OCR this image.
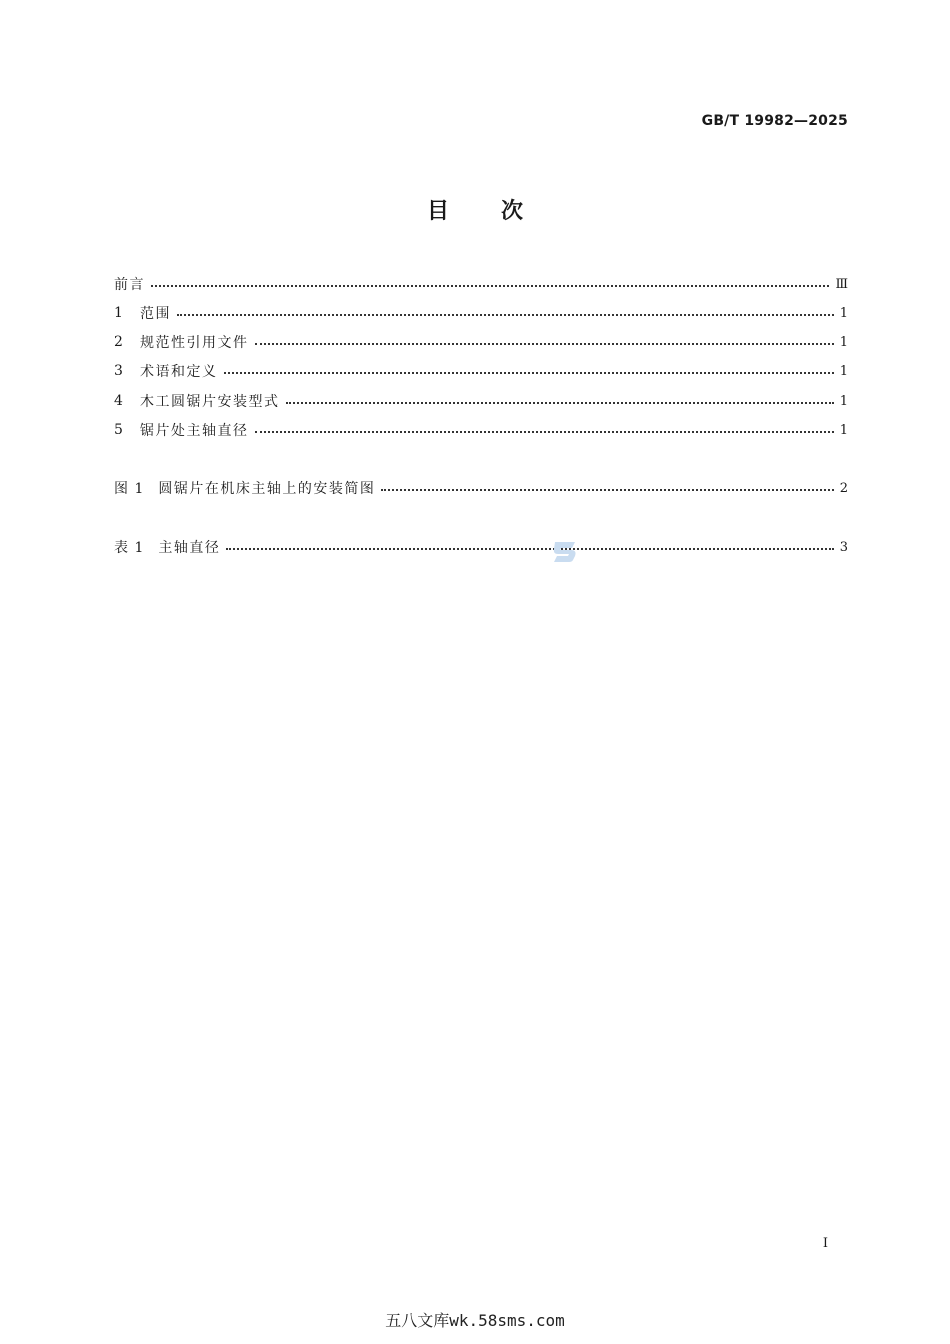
GB/T 19982—2025
目次
前言	Ⅲ
1	范围	1
2	规范性引用文件	1
3	术语和定义	1
4	木工圆锯片安装型式	1
5	锯片处主轴直径	1
图 1 圆锯片在机床主轴上的安装简图	2
表 1 主轴直径	3
I
五八文库wk.58sms.com
